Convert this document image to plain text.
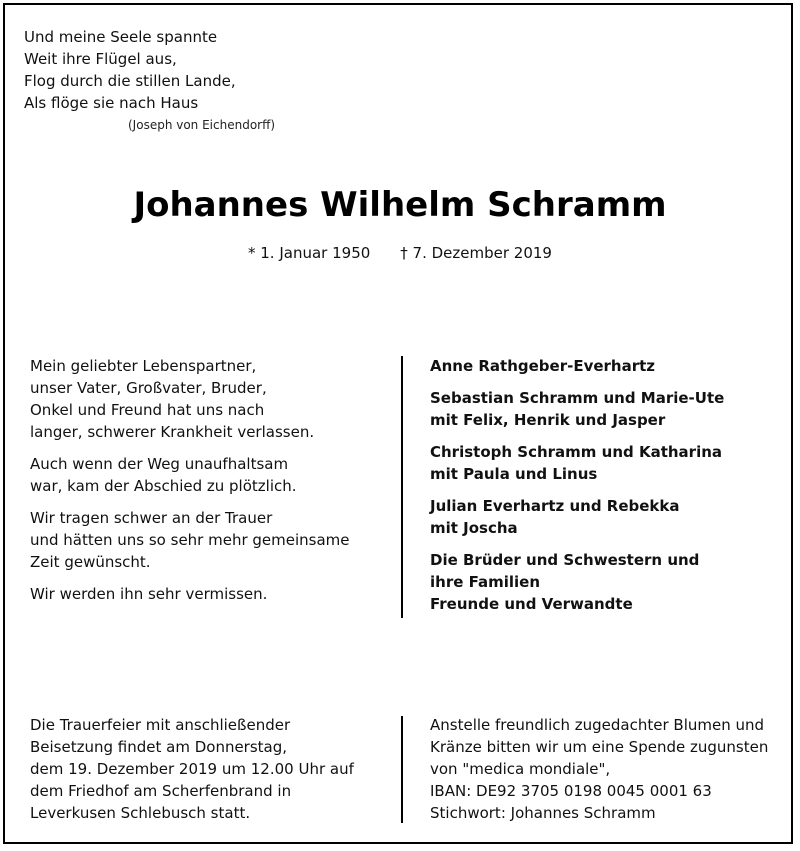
Und meine Seele spannte
Weit ihre Flügel aus,
Flog durch die stillen Lande,
Als flöge sie nach Haus
(Joseph von Eichendorff)
Johannes Wilhelm Schramm
* 1. Januar 1950 † 7. Dezember 2019
Mein geliebter Lebenspartner,
unser Vater, Großvater, Bruder,
Onkel und Freund hat uns nach
langer, schwerer Krankheit verlassen.
Auch wenn der Weg unaufhaltsam
war, kam der Abschied zu plötzlich.
Wir tragen schwer an der Trauer
und hätten uns so sehr mehr gemeinsame
Zeit gewünscht.
Wir werden ihn sehr vermissen.
Anne Rathgeber-Everhartz
Sebastian Schramm und Marie-Ute
mit Felix, Henrik und Jasper
Christoph Schramm und Katharina
mit Paula und Linus
Julian Everhartz und Rebekka
mit Joscha
Die Brüder und Schwestern und
ihre Familien
Freunde und Verwandte
Die Trauerfeier mit anschließender
Beisetzung findet am Donnerstag,
dem 19. Dezember 2019 um 12.00 Uhr auf
dem Friedhof am Scherfenbrand in
Leverkusen Schlebusch statt.
Anstelle freundlich zugedachter Blumen und
Kränze bitten wir um eine Spende zugunsten
von "medica mondiale",
IBAN: DE92 3705 0198 0045 0001 63
Stichwort: Johannes Schramm
